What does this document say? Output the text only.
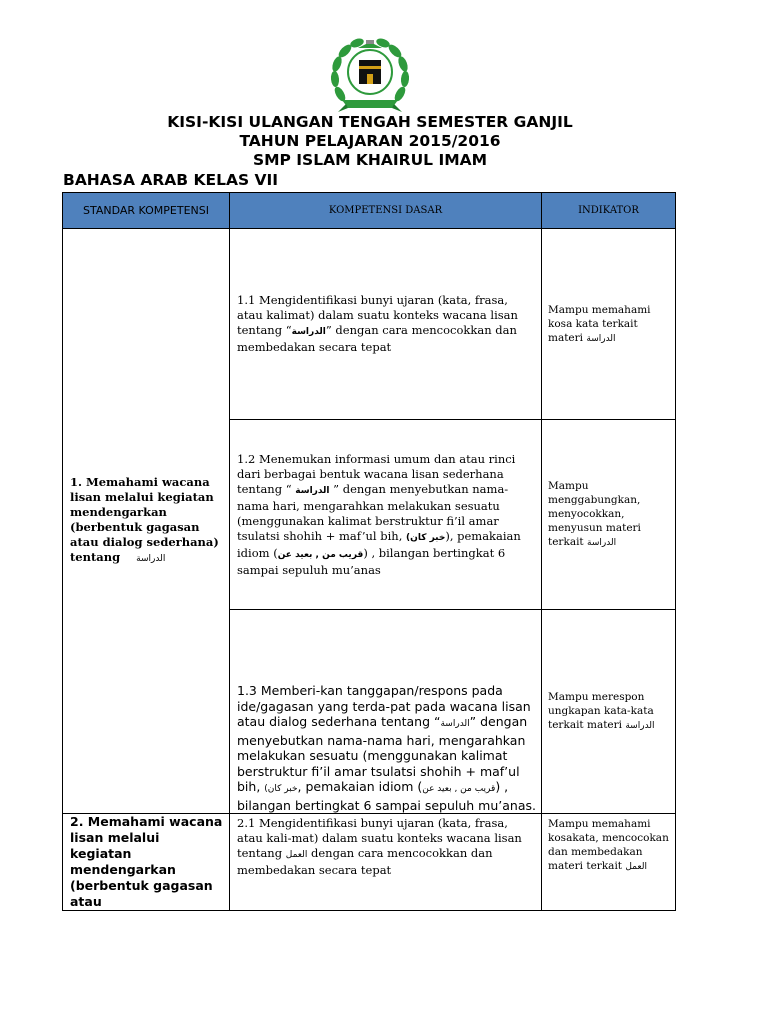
KISI-KISI ULANGAN TENGAH SEMESTER GANJIL
TAHUN PELAJARAN 2015/2016
SMP ISLAM KHAIRUL IMAM
BAHASA ARAB KELAS VII
STANDAR KOMPETENSI	KOMPETENSI DASAR	INDIKATOR
1. Memahami wacana lisan melalui kegiatan mendengarkan (berbentuk gagasan atau dialog sederhana) tentang الدراسة	1.1 Mengidentifikasi bunyi ujaran (kata, frasa, atau kalimat) dalam suatu konteks wacana lisan tentang “الدراسة” dengan cara mencocokkan dan membedakan secara tepat	Mampu memahami kosa kata terkait materi الدراسة
	1.2 Menemukan informasi umum dan atau rinci dari berbagai bentuk wacana lisan sederhana tentang “ الدراسة ” dengan menyebutkan nama-nama hari, mengarahkan melakukan sesuatu (menggunakan kalimat berstruktur fi’il amar tsulatsi shohih + maf’ul bih, (خبر كان), pemakaian idiom (قريب من , بعيد عن) , bilangan bertingkat 6 sampai sepuluh mu’anas	Mampu menggabungkan, menyocokkan, menyusun materi terkait الدراسة
	1.3 Memberi-kan tanggapan/respons pada ide/gagasan yang terda-pat pada wacana lisan atau dialog sederhana tentang “الدراسة” dengan menyebutkan nama-nama hari, mengarahkan melakukan sesuatu (menggunakan kalimat berstruktur fi’il amar tsulatsi shohih + maf’ul bih, (خبر كان, pemakaian idiom (قريب من , بعيد عن) , bilangan bertingkat 6 sampai sepuluh mu’anas.	Mampu merespon ungkapan kata-kata terkait materi الدراسة
2. Memahami wacana lisan melalui kegiatan mendengarkan (berbentuk gagasan atau	2.1 Mengidentifikasi bunyi ujaran (kata, frasa, atau kali-mat) dalam suatu konteks wacana lisan tentang العمل dengan cara mencocokkan dan membedakan secara tepat	Mampu memahami kosakata, mencocokan dan membedakan materi terkait العمل
